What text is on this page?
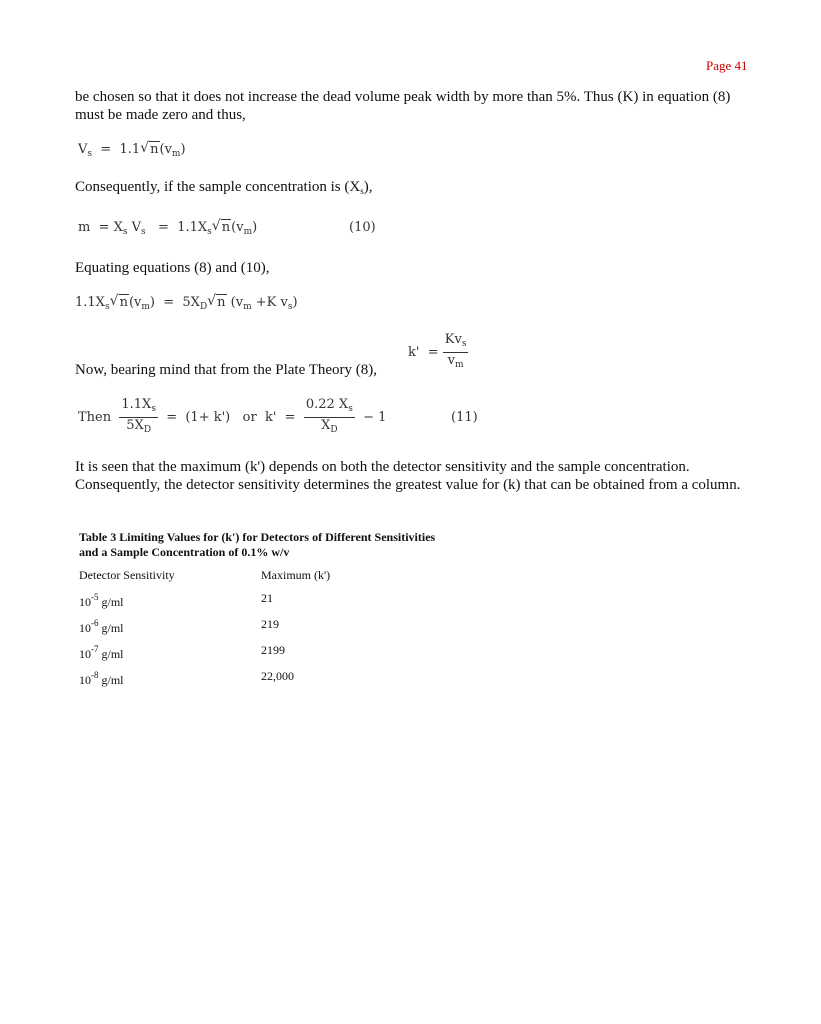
Page 41
be chosen so that it does not increase the dead volume peak width by more than 5%. Thus (K) in equation (8) must be made zero and thus,
$V_s = 1.1$ √ $n(v_m)$
Consequently, if the sample concentration is $(X_s)$,
$m = X_s$ $V_s = 1.1X_s$ √ $n(v_m)$	(10)
Equating equations (8) and (10),
$1.1X_s$ √ $n(v_m) = 5X_D$ √ n ($v_m +K$ $v_s$)
$k' = \frac{Kv_s}{v_m}$
Now, bearing mind that from the Plate Theory (8),
Then $\frac{1.1X_s}{5X_D} = (1+ k')$   or  $k' = \frac{0.22 X_s}{X_D} - 1$	(11)
It is seen that the maximum (k') depends on both the detector sensitivity and the sample concentration. Consequently, the detector sensitivity determines the greatest value for (k) that can be obtained from a column.
Table 3 Limiting Values for (k') for Detectors of Different Sensitivities and a Sample Concentration of 0.1% w/v
Detector Sensitivity	Maximum (k')
$10^{-5}$ g/ml	21
$10^{-6}$ g/ml	219
$10^{-7}$ g/ml	2199
$10^{-8}$ g/ml	22,000
